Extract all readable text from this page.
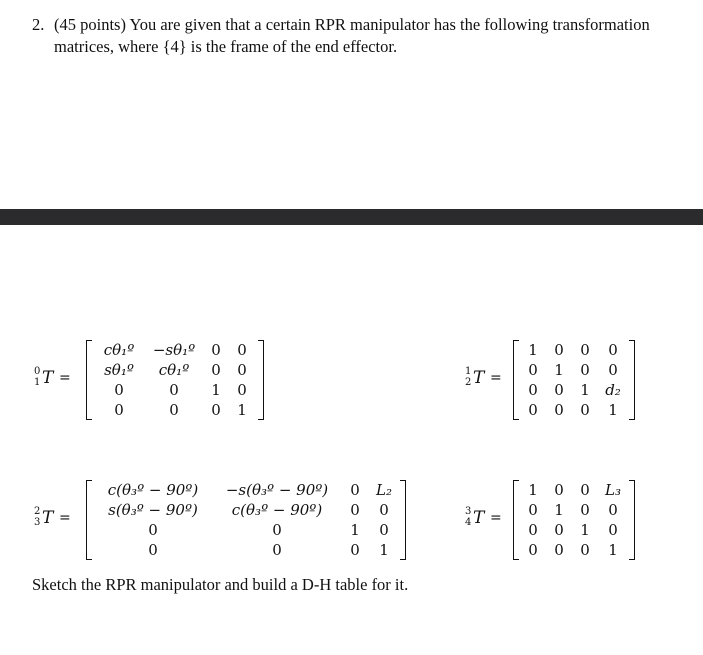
2. (45 points) You are given that a certain RPR manipulator has the following transformation
matrices, where {4} is the frame of the end effector.
0
1 T =
cθ₁º	−sθ₁º	0	0
sθ₁º	cθ₁º	0	0
0	0	1	0
0	0	0	1
1
2 T =
1	0	0	0
0	1	0	0
0	0	1	d₂
0	0	0	1
2
3 T =
c(θ₃º − 90º)	−s(θ₃º − 90º)	0	L₂
s(θ₃º − 90º)	c(θ₃º − 90º)	0	0
0	0	1	0
0	0	0	1
3
4 T =
1	0	0	L₃
0	1	0	0
0	0	1	0
0	0	0	1
Sketch the RPR manipulator and build a D-H table for it.
